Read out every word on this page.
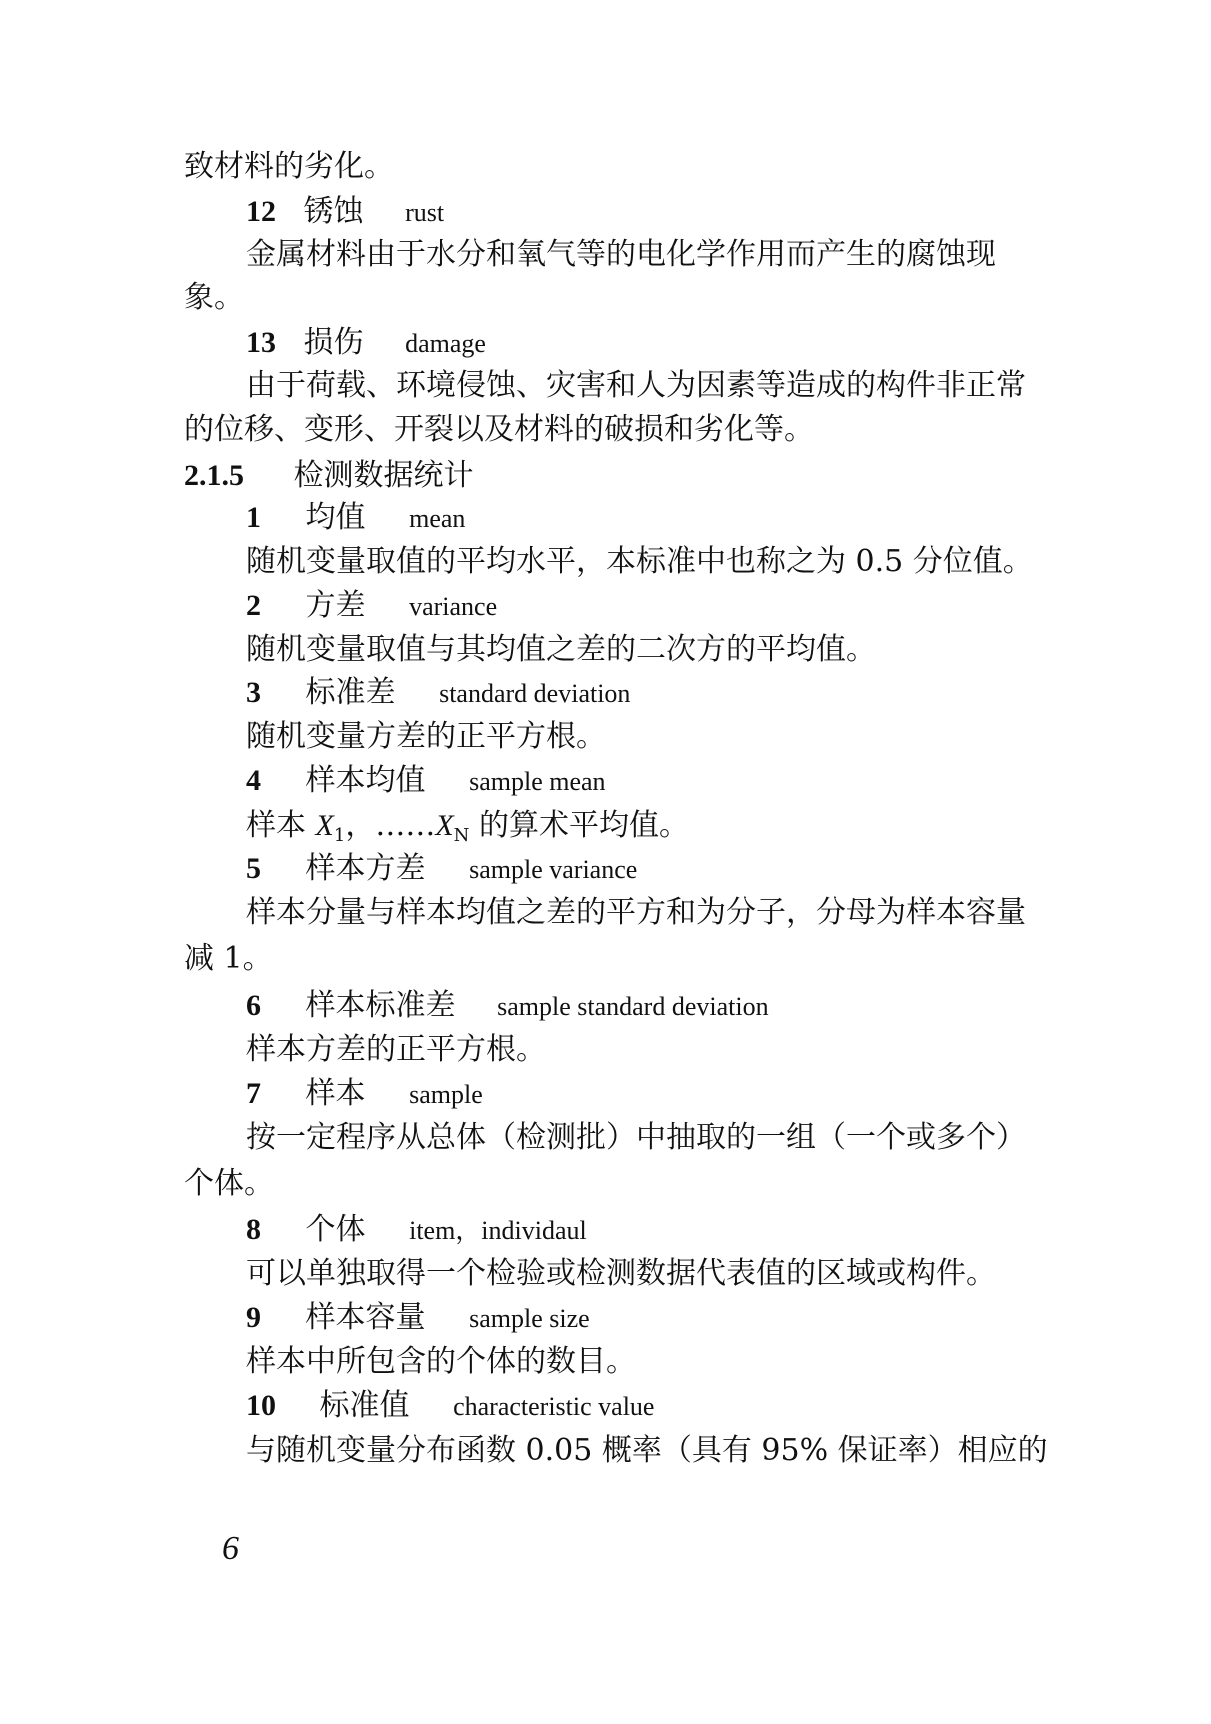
致材料的劣化。
12 锈蚀 rust
金属材料由于水分和氧气等的电化学作用而产生的腐蚀现
象。
13 损伤 damage
由于荷载、环境侵蚀、灾害和人为因素等造成的构件非正常
的位移、变形、开裂以及材料的破损和劣化等。
2.1.5 检测数据统计
1 均值 mean
随机变量取值的平均水平，本标准中也称之为 0.5 分位值。
2 方差 variance
随机变量取值与其均值之差的二次方的平均值。
3 标准差 standard deviation
随机变量方差的正平方根。
4 样本均值 sample mean
样本 $X_1$，$\dots\dots X_N$ 的算术平均值。
5 样本方差 sample variance
样本分量与样本均值之差的平方和为分子，分母为样本容量
减 1。
6 样本标准差 sample standard deviation
样本方差的正平方根。
7 样本 sample
按一定程序从总体（检测批）中抽取的一组（一个或多个）
个体。
8 个体 item，individaul
可以单独取得一个检验或检测数据代表值的区域或构件。
9 样本容量 sample size
样本中所包含的个体的数目。
10 标准值 characteristic value
与随机变量分布函数 0.05 概率（具有 95% 保证率）相应的
6
